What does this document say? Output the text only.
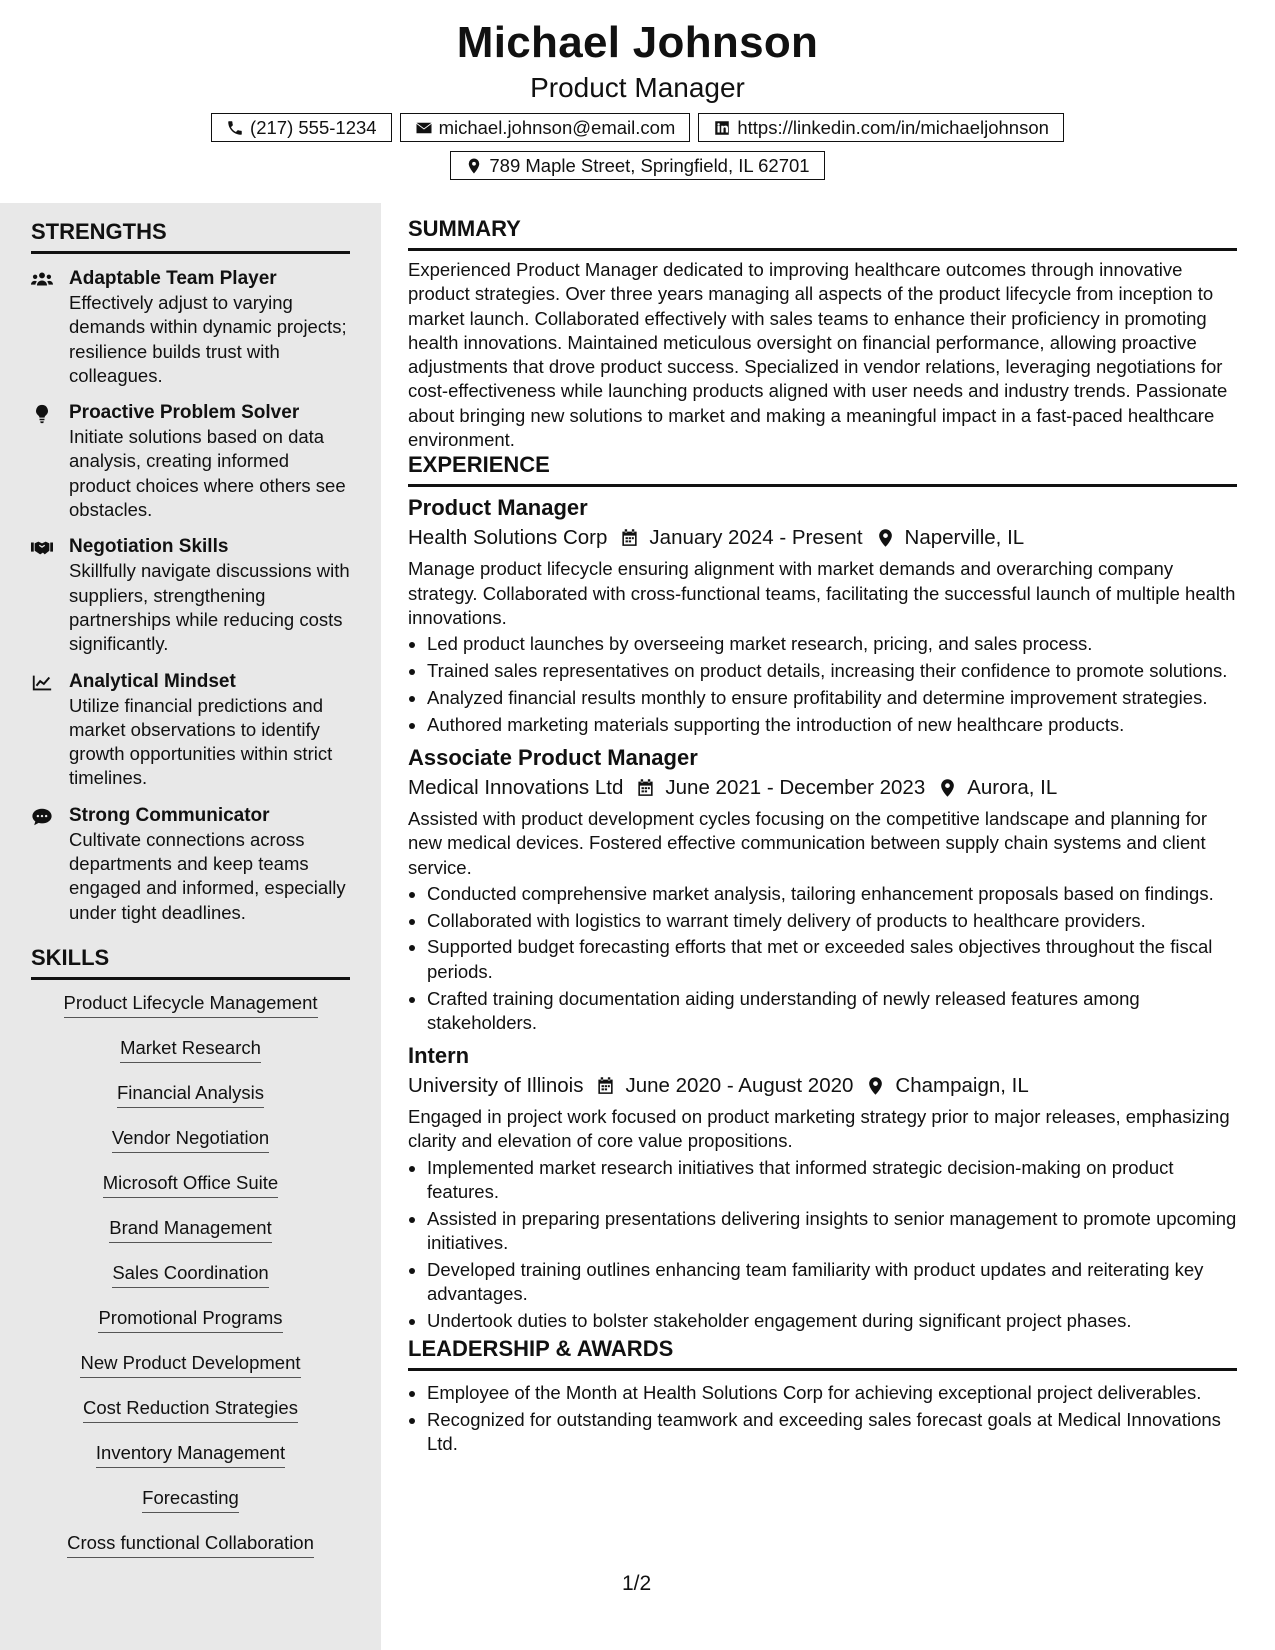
Michael Johnson
Product Manager
(217) 555-1234	michael.johnson@email.com	https://linkedin.com/in/michaeljohnson
789 Maple Street, Springfield, IL 62701
STRENGTHS
Adaptable Team Player
Effectively adjust to varying demands within dynamic projects; resilience builds trust with colleagues.
Proactive Problem Solver
Initiate solutions based on data analysis, creating informed product choices where others see obstacles.
Negotiation Skills
Skillfully navigate discussions with suppliers, strengthening partnerships while reducing costs significantly.
Analytical Mindset
Utilize financial predictions and market observations to identify growth opportunities within strict timelines.
Strong Communicator
Cultivate connections across departments and keep teams engaged and informed, especially under tight deadlines.
SKILLS
Product Lifecycle Management
Market Research
Financial Analysis
Vendor Negotiation
Microsoft Office Suite
Brand Management
Sales Coordination
Promotional Programs
New Product Development
Cost Reduction Strategies
Inventory Management
Forecasting
Cross functional Collaboration
SUMMARY

Experienced Product Manager dedicated to improving healthcare outcomes through innovative product strategies. Over three years managing all aspects of the product lifecycle from inception to market launch. Collaborated effectively with sales teams to enhance their proficiency in promoting health innovations. Maintained meticulous oversight on financial performance, allowing proactive adjustments that drove product success. Specialized in vendor relations, leveraging negotiations for cost-effectiveness while launching products aligned with user needs and industry trends. Passionate about bringing new solutions to market and making a meaningful impact in a fast-paced healthcare environment.

EXPERIENCE
Product Manager
Health Solutions Corp January 2024 - Present Naperville, IL

Manage product lifecycle ensuring alignment with market demands and overarching company strategy. Collaborated with cross-functional teams, facilitating the successful launch of multiple health innovations.

• Led product launches by overseeing market research, pricing, and sales process.
• Trained sales representatives on product details, increasing their confidence to promote solutions.
• Analyzed financial results monthly to ensure profitability and determine improvement strategies.
• Authored marketing materials supporting the introduction of new healthcare products.
Associate Product Manager
Medical Innovations Ltd June 2021 - December 2023 Aurora, IL

Assisted with product development cycles focusing on the competitive landscape and planning for new medical devices. Fostered effective communication between supply chain systems and client service.

• Conducted comprehensive market analysis, tailoring enhancement proposals based on findings.
• Collaborated with logistics to warrant timely delivery of products to healthcare providers.
• Supported budget forecasting efforts that met or exceeded sales objectives throughout the fiscal periods.
• Crafted training documentation aiding understanding of newly released features among stakeholders.
Intern
University of Illinois June 2020 - August 2020 Champaign, IL

Engaged in project work focused on product marketing strategy prior to major releases, emphasizing clarity and elevation of core value propositions.

• Implemented market research initiatives that informed strategic decision-making on product features.
• Assisted in preparing presentations delivering insights to senior management to promote upcoming initiatives.
• Developed training outlines enhancing team familiarity with product updates and reiterating key advantages.
• Undertook duties to bolster stakeholder engagement during significant project phases.
LEADERSHIP & AWARDS
• Employee of the Month at Health Solutions Corp for achieving exceptional project deliverables.
• Recognized for outstanding teamwork and exceeding sales forecast goals at Medical Innovations Ltd.
1/2
